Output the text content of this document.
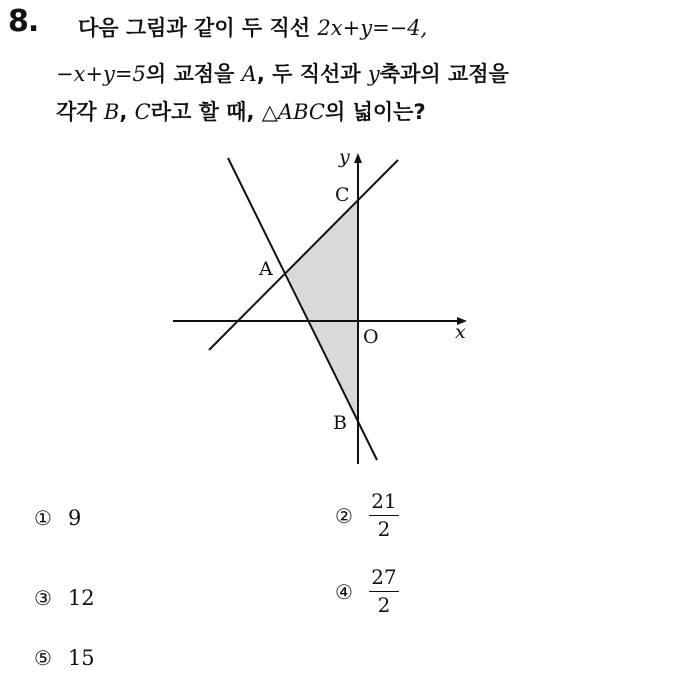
8. 다음 그림과 같이 두 직선 2x+y=−4,
−x+y=5의 교점을 A, 두 직선과 y축과의 교점을
각각 B, C라고 할 때, △ABC의 넓이는?
y
x
O
A
B
C
① 9	② $\frac{21}{2}$
③ 12	④ $\frac{27}{2}$
⑤ 15
